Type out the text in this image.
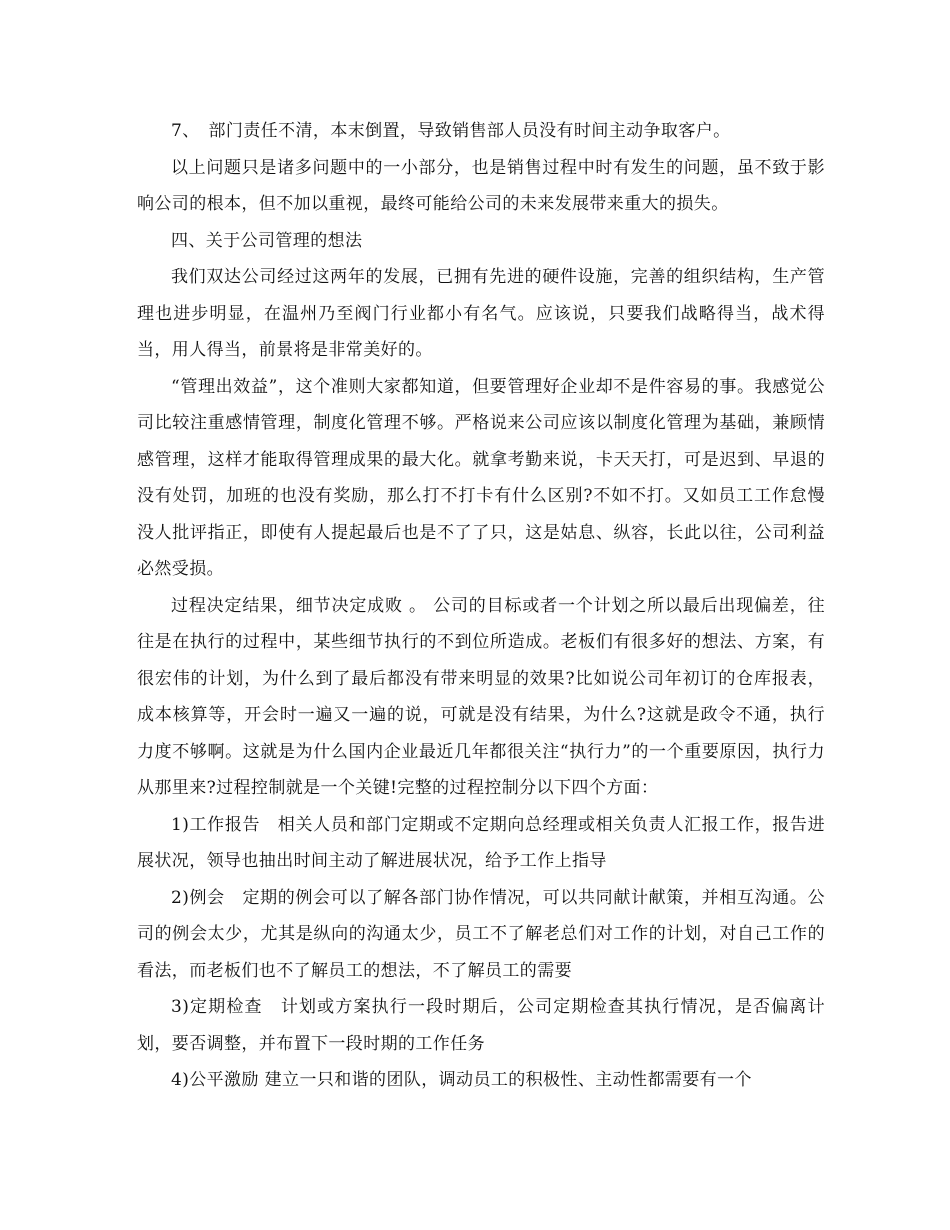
7、　部门责任不清，本末倒置，导致销售部人员没有时间主动争取客户。

以上问题只是诸多问题中的一小部分，也是销售过程中时有发生的问题，虽不致于影响公司的根本，但不加以重视，最终可能给公司的未来发展带来重大的损失。

四、关于公司管理的想法

我们双达公司经过这两年的发展，已拥有先进的硬件设施，完善的组织结构，生产管理也进步明显，在温州乃至阀门行业都小有名气。应该说，只要我们战略得当，战术得当，用人得当，前景将是非常美好的。

“管理出效益”，这个准则大家都知道，但要管理好企业却不是件容易的事。我感觉公司比较注重感情管理，制度化管理不够。严格说来公司应该以制度化管理为基础，兼顾情感管理，这样才能取得管理成果的最大化。就拿考勤来说，卡天天打，可是迟到、早退的没有处罚，加班的也没有奖励，那么打不打卡有什么区别?不如不打。又如员工工作怠慢没人批评指正，即使有人提起最后也是不了了只，这是姑息、纵容，长此以往，公司利益必然受损。

过程决定结果，细节决定成败 。 公司的目标或者一个计划之所以最后出现偏差，往往是在执行的过程中，某些细节执行的不到位所造成。老板们有很多好的想法、方案，有很宏伟的计划，为什么到了最后都没有带来明显的效果?比如说公司年初订的仓库报表，成本核算等，开会时一遍又一遍的说，可就是没有结果，为什么?这就是政令不通，执行力度不够啊。这就是为什么国内企业最近几年都很关注“执行力”的一个重要原因，执行力从那里来?过程控制就是一个关键!完整的过程控制分以下四个方面：

1)工作报告　相关人员和部门定期或不定期向总经理或相关负责人汇报工作，报告进展状况，领导也抽出时间主动了解进展状况，给予工作上指导

2)例会　定期的例会可以了解各部门协作情况，可以共同献计献策，并相互沟通。公司的例会太少，尤其是纵向的沟通太少，员工不了解老总们对工作的计划，对自己工作的看法，而老板们也不了解员工的想法，不了解员工的需要

3)定期检查　计划或方案执行一段时期后，公司定期检查其执行情况，是否偏离计划，要否调整，并布置下一段时期的工作任务

4)公平激励 建立一只和谐的团队，调动员工的积极性、主动性都需要有一个
